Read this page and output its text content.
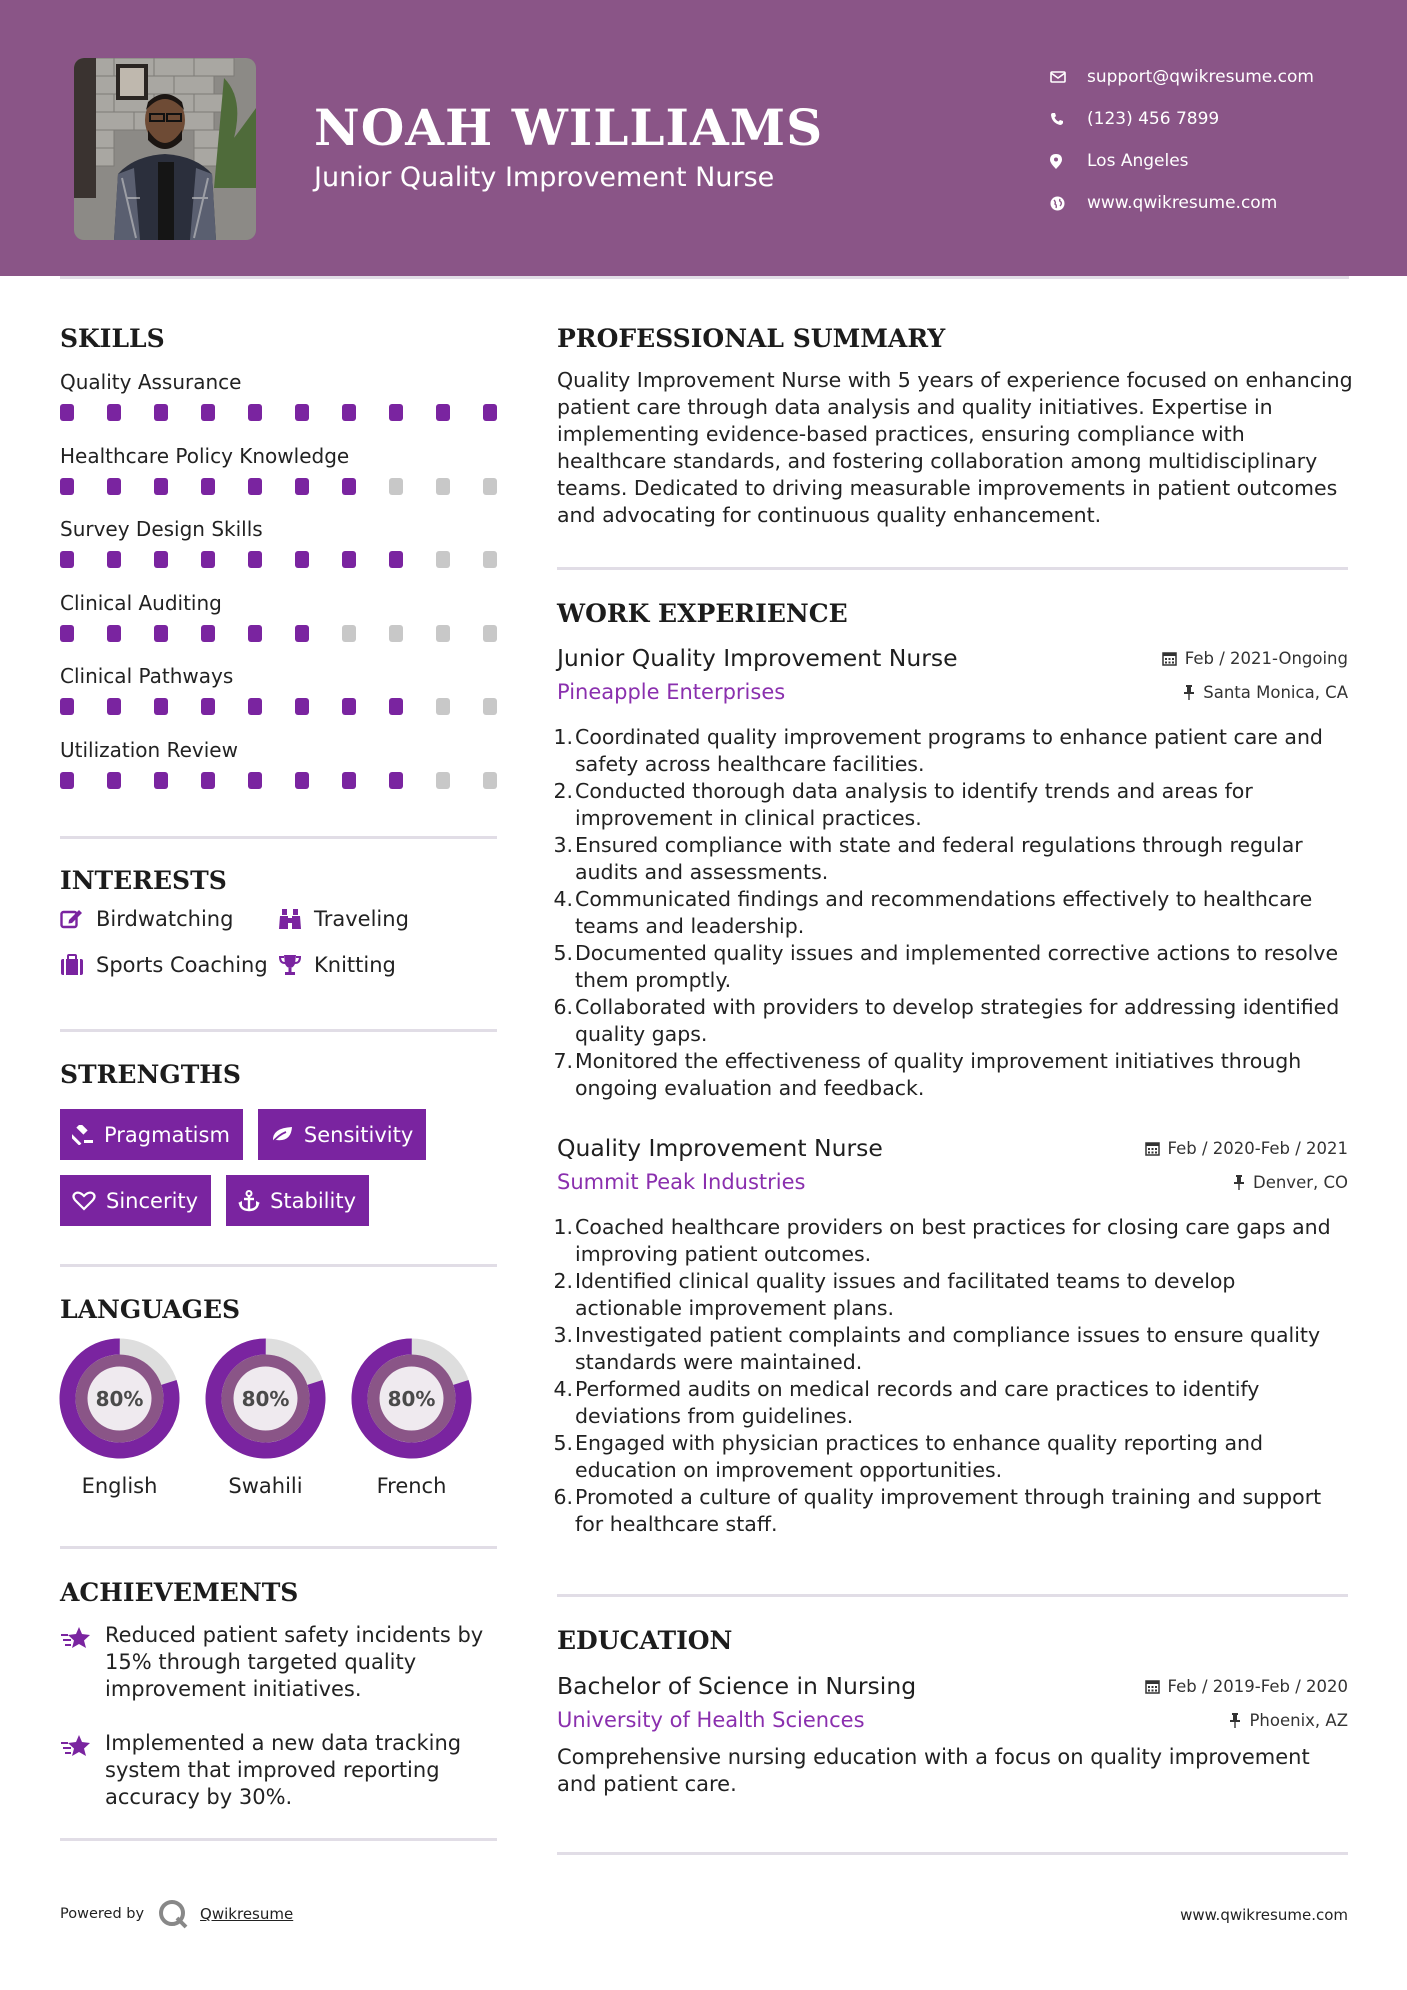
NOAH WILLIAMS
Junior Quality Improvement Nurse
support@qwikresume.com
(123) 456 7899
Los Angeles
www.qwikresume.com
SKILLS
Quality Assurance
Healthcare Policy Knowledge
Survey Design Skills
Clinical Auditing
Clinical Pathways
Utilization Review
INTERESTS
Birdwatching	Traveling
Sports Coaching Knitting
STRENGTHS
Pragmatism	Sensitivity
Sincerity	Stability
LANGUAGES
80%
English
80%
Swahili
80%
French
ACHIEVEMENTS
Reduced patient safety incidents by 15% through targeted quality improvement initiatives.
Implemented a new data tracking system that improved reporting accuracy by 30%.
PROFESSIONAL SUMMARY
Quality Improvement Nurse with 5 years of experience focused on enhancing patient care through data analysis and quality initiatives. Expertise in implementing evidence-based practices, ensuring compliance with healthcare standards, and fostering collaboration among multidisciplinary teams. Dedicated to driving measurable improvements in patient outcomes and advocating for continuous quality enhancement.
WORK EXPERIENCE
Junior Quality Improvement Nurse	Feb / 2021-Ongoing
Pineapple Enterprises	Santa Monica, CA
1. Coordinated quality improvement programs to enhance patient care and safety across healthcare facilities.
2. Conducted thorough data analysis to identify trends and areas for improvement in clinical practices.
3. Ensured compliance with state and federal regulations through regular audits and assessments.
4. Communicated findings and recommendations effectively to healthcare teams and leadership.
5. Documented quality issues and implemented corrective actions to resolve them promptly.
6. Collaborated with providers to develop strategies for addressing identified quality gaps.
7. Monitored the effectiveness of quality improvement initiatives through ongoing evaluation and feedback.
Quality Improvement Nurse	Feb / 2020-Feb / 2021
Summit Peak Industries	Denver, CO
1. Coached healthcare providers on best practices for closing care gaps and improving patient outcomes.
2. Identified clinical quality issues and facilitated teams to develop actionable improvement plans.
3. Investigated patient complaints and compliance issues to ensure quality standards were maintained.
4. Performed audits on medical records and care practices to identify deviations from guidelines.
5. Engaged with physician practices to enhance quality reporting and education on improvement opportunities.
6. Promoted a culture of quality improvement through training and support for healthcare staff.
EDUCATION
Bachelor of Science in Nursing	Feb / 2019-Feb / 2020
University of Health Sciences	Phoenix, AZ
Comprehensive nursing education with a focus on quality improvement and patient care.
Powered by	Qwikresume	www.qwikresume.com
